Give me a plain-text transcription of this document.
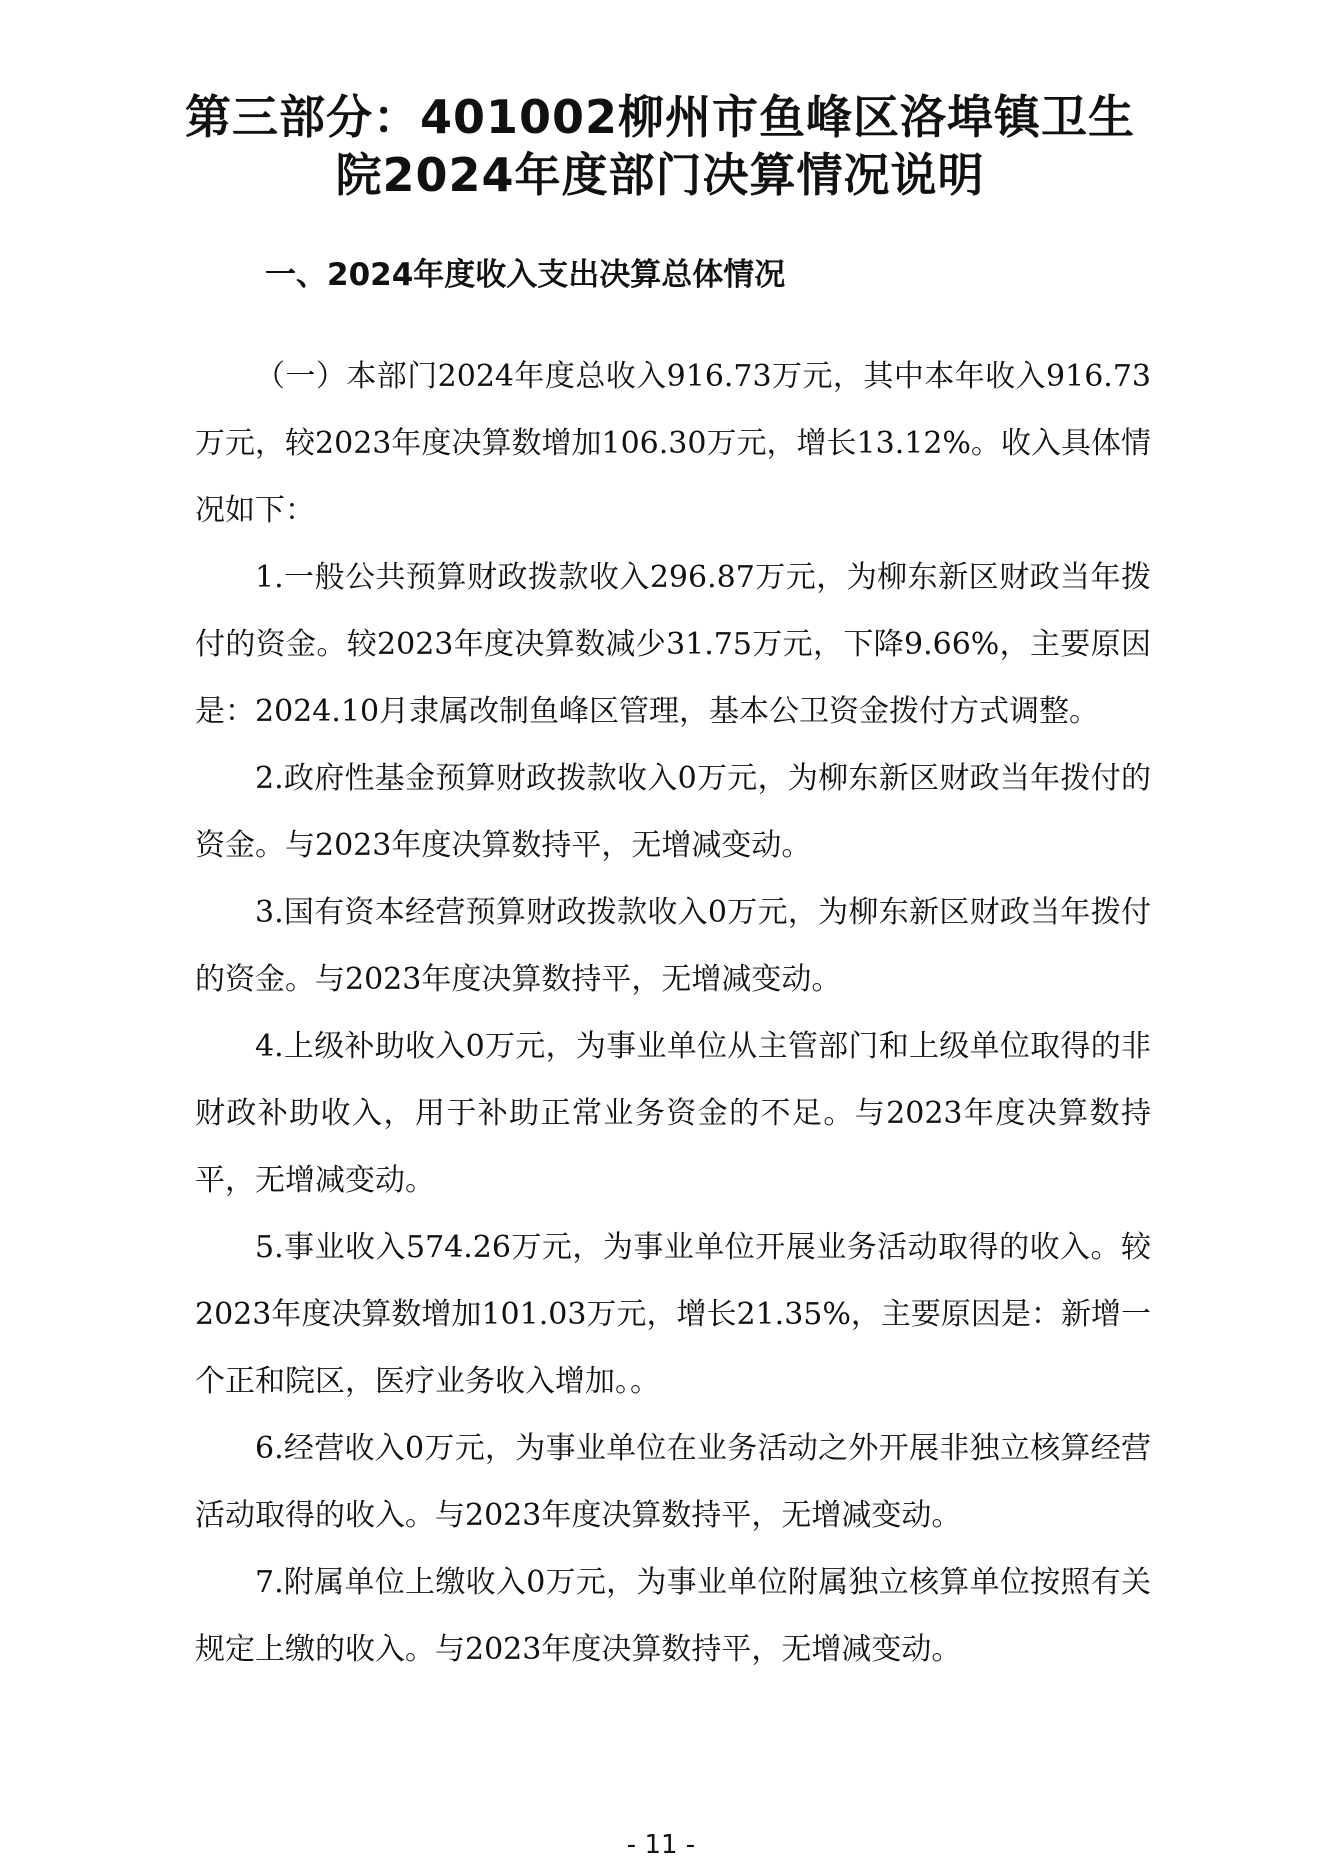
第三部分：401002柳州市鱼峰区洛埠镇卫生
院2024年度部门决算情况说明
一、2024年度收入支出决算总体情况

（一）本部门2024年度总收入916.73万元，其中本年收入916.73万元，较2023年度决算数增加106.30万元，增长13.12%。收入具体情况如下：

1.一般公共预算财政拨款收入296.87万元，为柳东新区财政当年拨付的资金。较2023年度决算数减少31.75万元，下降9.66%，主要原因是：2024.10月隶属改制鱼峰区管理，基本公卫资金拨付方式调整。

2.政府性基金预算财政拨款收入0万元，为柳东新区财政当年拨付的资金。与2023年度决算数持平，无增减变动。

3.国有资本经营预算财政拨款收入0万元，为柳东新区财政当年拨付的资金。与2023年度决算数持平，无增减变动。

4.上级补助收入0万元，为事业单位从主管部门和上级单位取得的非财政补助收入，用于补助正常业务资金的不足。与2023年度决算数持平，无增减变动。

5.事业收入574.26万元，为事业单位开展业务活动取得的收入。较2023年度决算数增加101.03万元，增长21.35%，主要原因是：新增一个正和院区，医疗业务收入增加。。

6.经营收入0万元，为事业单位在业务活动之外开展非独立核算经营活动取得的收入。与2023年度决算数持平，无增减变动。

7.附属单位上缴收入0万元，为事业单位附属独立核算单位按照有关规定上缴的收入。与2023年度决算数持平，无增减变动。

- 11 -
